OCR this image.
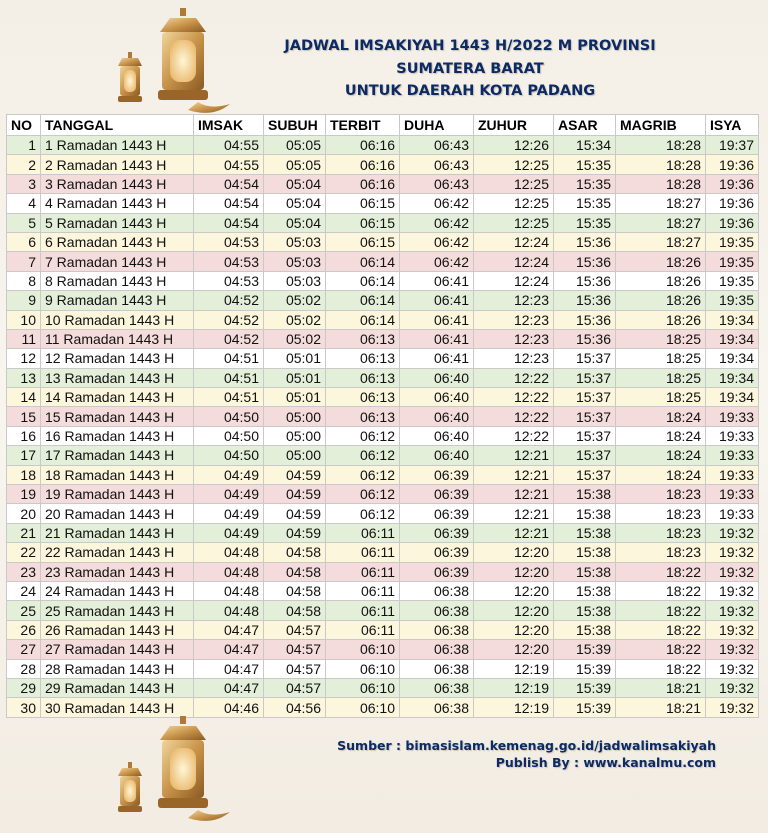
JADWAL IMSAKIYAH 1443 H/2022 M PROVINSI
SUMATERA BARAT
UNTUK DAERAH KOTA PADANG
NO	TANGGAL	IMSAK	SUBUH	TERBIT	DUHA	ZUHUR	ASAR	MAGRIB	ISYA
1	1 Ramadan 1443 H	04:55	05:05	06:16	06:43	12:26	15:34	18:28	19:37
2	2 Ramadan 1443 H	04:55	05:05	06:16	06:43	12:25	15:35	18:28	19:36
3	3 Ramadan 1443 H	04:54	05:04	06:16	06:43	12:25	15:35	18:28	19:36
4	4 Ramadan 1443 H	04:54	05:04	06:15	06:42	12:25	15:35	18:27	19:36
5	5 Ramadan 1443 H	04:54	05:04	06:15	06:42	12:25	15:35	18:27	19:36
6	6 Ramadan 1443 H	04:53	05:03	06:15	06:42	12:24	15:36	18:27	19:35
7	7 Ramadan 1443 H	04:53	05:03	06:14	06:42	12:24	15:36	18:26	19:35
8	8 Ramadan 1443 H	04:53	05:03	06:14	06:41	12:24	15:36	18:26	19:35
9	9 Ramadan 1443 H	04:52	05:02	06:14	06:41	12:23	15:36	18:26	19:35
10	10 Ramadan 1443 H	04:52	05:02	06:14	06:41	12:23	15:36	18:26	19:34
11	11 Ramadan 1443 H	04:52	05:02	06:13	06:41	12:23	15:36	18:25	19:34
12	12 Ramadan 1443 H	04:51	05:01	06:13	06:41	12:23	15:37	18:25	19:34
13	13 Ramadan 1443 H	04:51	05:01	06:13	06:40	12:22	15:37	18:25	19:34
14	14 Ramadan 1443 H	04:51	05:01	06:13	06:40	12:22	15:37	18:25	19:34
15	15 Ramadan 1443 H	04:50	05:00	06:13	06:40	12:22	15:37	18:24	19:33
16	16 Ramadan 1443 H	04:50	05:00	06:12	06:40	12:22	15:37	18:24	19:33
17	17 Ramadan 1443 H	04:50	05:00	06:12	06:40	12:21	15:37	18:24	19:33
18	18 Ramadan 1443 H	04:49	04:59	06:12	06:39	12:21	15:37	18:24	19:33
19	19 Ramadan 1443 H	04:49	04:59	06:12	06:39	12:21	15:38	18:23	19:33
20	20 Ramadan 1443 H	04:49	04:59	06:12	06:39	12:21	15:38	18:23	19:33
21	21 Ramadan 1443 H	04:49	04:59	06:11	06:39	12:21	15:38	18:23	19:32
22	22 Ramadan 1443 H	04:48	04:58	06:11	06:39	12:20	15:38	18:23	19:32
23	23 Ramadan 1443 H	04:48	04:58	06:11	06:39	12:20	15:38	18:22	19:32
24	24 Ramadan 1443 H	04:48	04:58	06:11	06:38	12:20	15:38	18:22	19:32
25	25 Ramadan 1443 H	04:48	04:58	06:11	06:38	12:20	15:38	18:22	19:32
26	26 Ramadan 1443 H	04:47	04:57	06:11	06:38	12:20	15:38	18:22	19:32
27	27 Ramadan 1443 H	04:47	04:57	06:10	06:38	12:20	15:39	18:22	19:32
28	28 Ramadan 1443 H	04:47	04:57	06:10	06:38	12:19	15:39	18:22	19:32
29	29 Ramadan 1443 H	04:47	04:57	06:10	06:38	12:19	15:39	18:21	19:32
30	30 Ramadan 1443 H	04:46	04:56	06:10	06:38	12:19	15:39	18:21	19:32
Sumber : bimasislam.kemenag.go.id/jadwalimsakiyah
Publish By : www.kanalmu.com
